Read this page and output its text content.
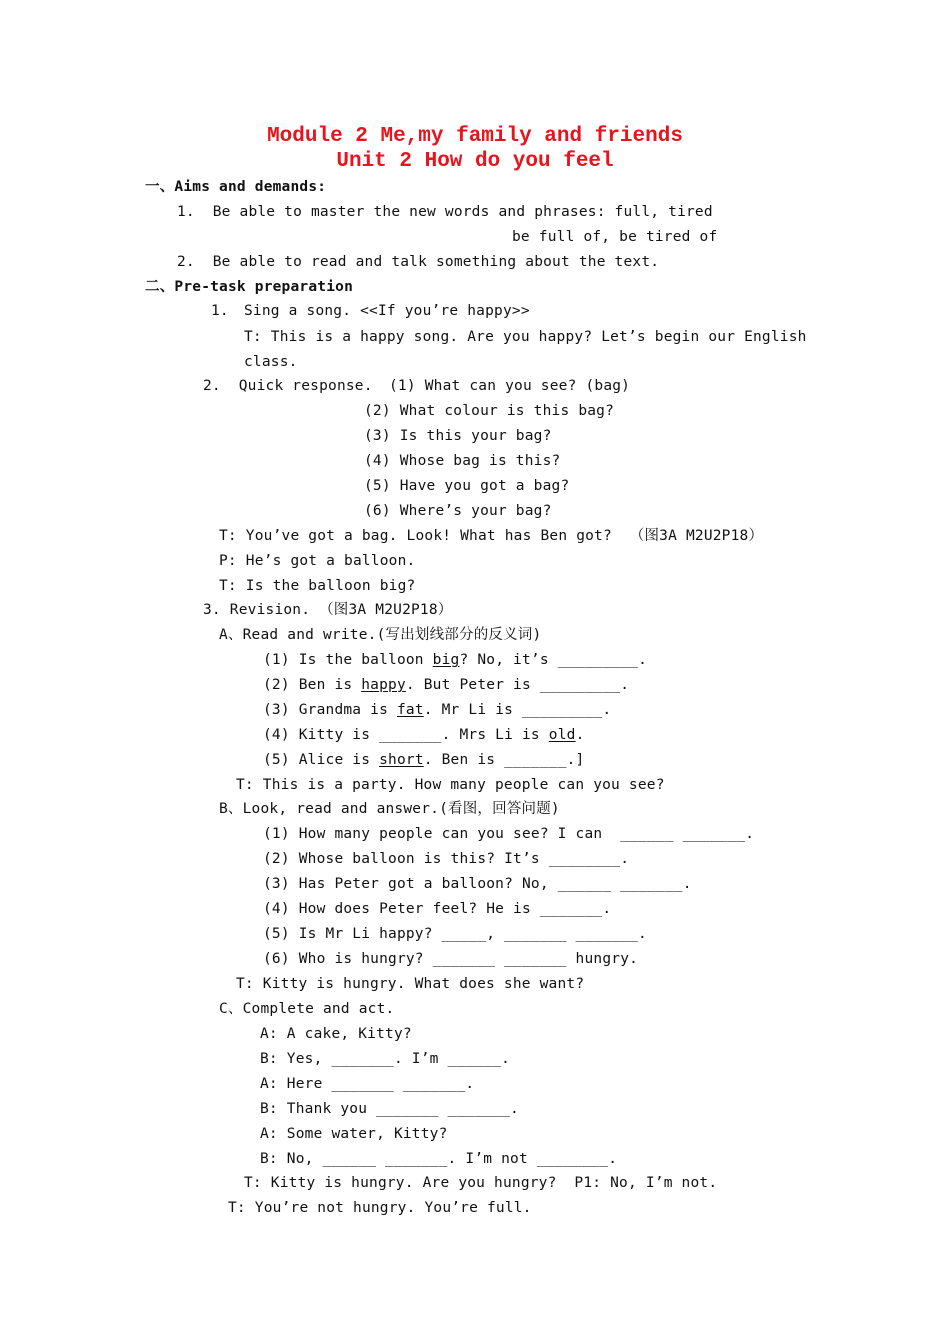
Module 2 Me,my family and friends
Unit 2 How do you feel
一、Aims and demands:
1.  Be able to master the new words and phrases: full, tired
be full of, be tired of
2.  Be able to read and talk something about the text.
二、Pre-task preparation
1. Sing a song. <<If you’re happy>>
T: This is a happy song. Are you happy? Let’s begin our English
class.
2.  Quick response. (1) What can you see? (bag)
(2) What colour is this bag?
(3) Is this your bag?
(4) Whose bag is this?
(5) Have you got a bag?
(6) Where’s your bag?
T: You’ve got a bag. Look! What has Ben got?  （图3A M2U2P18）
P: He’s got a balloon.
T: Is the balloon big?
3. Revision. （图3A M2U2P18）
A、Read and write.(写出划线部分的反义词)
(1) Is the balloon big? No, it’s _________.
(2) Ben is happy. But Peter is _________.
(3) Grandma is fat. Mr Li is _________.
(4) Kitty is _______. Mrs Li is old.
(5) Alice is short. Ben is _______.]
T: This is a party. How many people can you see?
B、Look, read and answer.(看图，回答问题)
(1) How many people can you see? I can  ______ _______.
(2) Whose balloon is this? It’s ________.
(3) Has Peter got a balloon? No, ______ _______.
(4) How does Peter feel? He is _______.
(5) Is Mr Li happy? _____, _______ _______.
(6) Who is hungry? _______ _______ hungry.
T: Kitty is hungry. What does she want?
C、Complete and act.
A: A cake, Kitty?
B: Yes, _______. I’m ______.
A: Here _______ _______.
B: Thank you _______ _______.
A: Some water, Kitty?
B: No, ______ _______. I’m not ________.
T: Kitty is hungry. Are you hungry?  P1: No, I’m not.
T: You’re not hungry. You’re full.
